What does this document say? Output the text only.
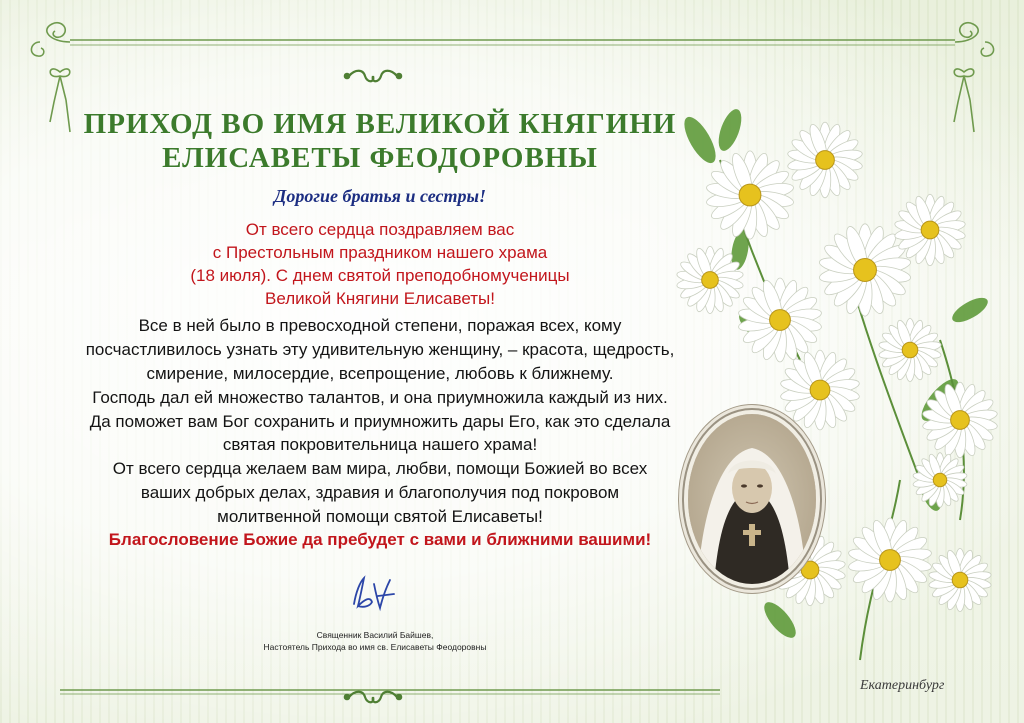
ПРИХОД ВО ИМЯ ВЕЛИКОЙ КНЯГИНИ
ЕЛИСАВЕТЫ ФЕОДОРОВНЫ
Дорогие братья и сестры!
От всего сердца поздравляем вас
с Престольным праздником нашего храма
(18 июля). С днем святой преподобномученицы
Великой Княгини Елисаветы!
Все в ней было в превосходной степени, поражая всех, кому
посчастливилось узнать эту удивительную женщину, – красота, щедрость,
смирение, милосердие, всепрощение, любовь к ближнему.
Господь дал ей множество талантов, и она приумножила каждый из них.
Да поможет вам Бог сохранить и приумножить дары Его, как это сделала
святая покровительница нашего храма!
От всего сердца желаем вам мира, любви, помощи Божией во всех
ваших добрых делах, здравия и благополучия под покровом
молитвенной помощи святой Елисаветы!
Благословение Божие да пребудет с вами и ближними вашими!
Священник Василий Байшев,
Настоятель Прихода во имя св. Елисаветы Феодоровны
Екатеринбург
